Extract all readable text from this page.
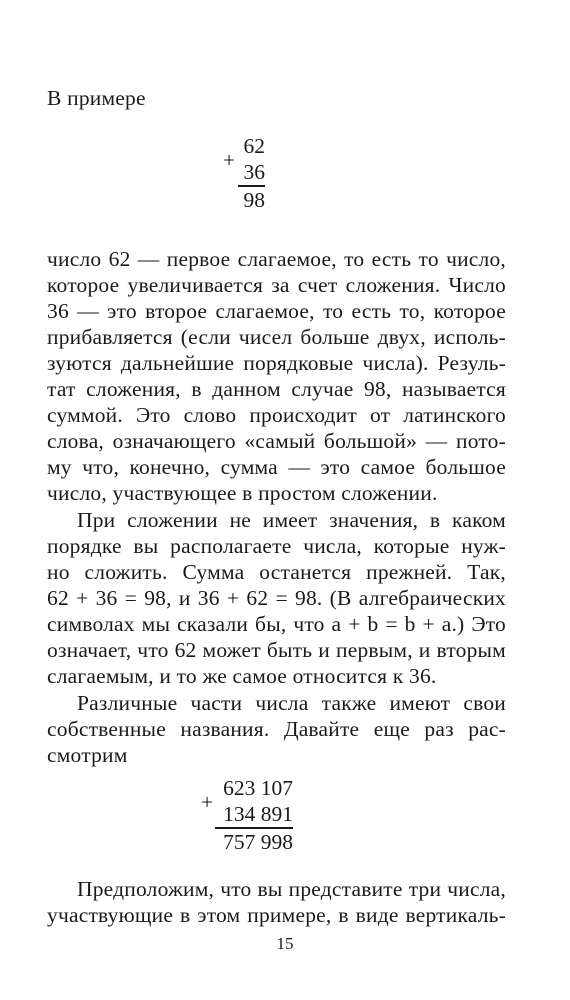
В примере
+
62
36
98
число 62 — первое слагаемое, то есть то число,
которое увеличивается за счет сложения. Число
36 — это второе слагаемое, то есть то, которое
прибавляется (если чисел больше двух, исполь-
зуются дальнейшие порядковые числа). Резуль-
тат сложения, в данном случае 98, называется
суммой. Это слово происходит от латинского
слова, означающего «самый большой» — пото-
му что, конечно, сумма — это самое большое
число, участвующее в простом сложении.
При сложении не имеет значения, в каком
порядке вы располагаете числа, которые нуж-
но сложить. Сумма останется прежней. Так,
62 + 36 = 98, и 36 + 62 = 98. (В алгебраических
символах мы сказали бы, что a + b = b + a.) Это
означает, что 62 может быть и первым, и вторым
слагаемым, и то же самое относится к 36.
Различные части числа также имеют свои
собственные названия. Давайте еще раз рас-
смотрим
+
623 107
134 891
757 998
Предположим, что вы представите три числа,
участвующие в этом примере, в виде вертикаль-
15
